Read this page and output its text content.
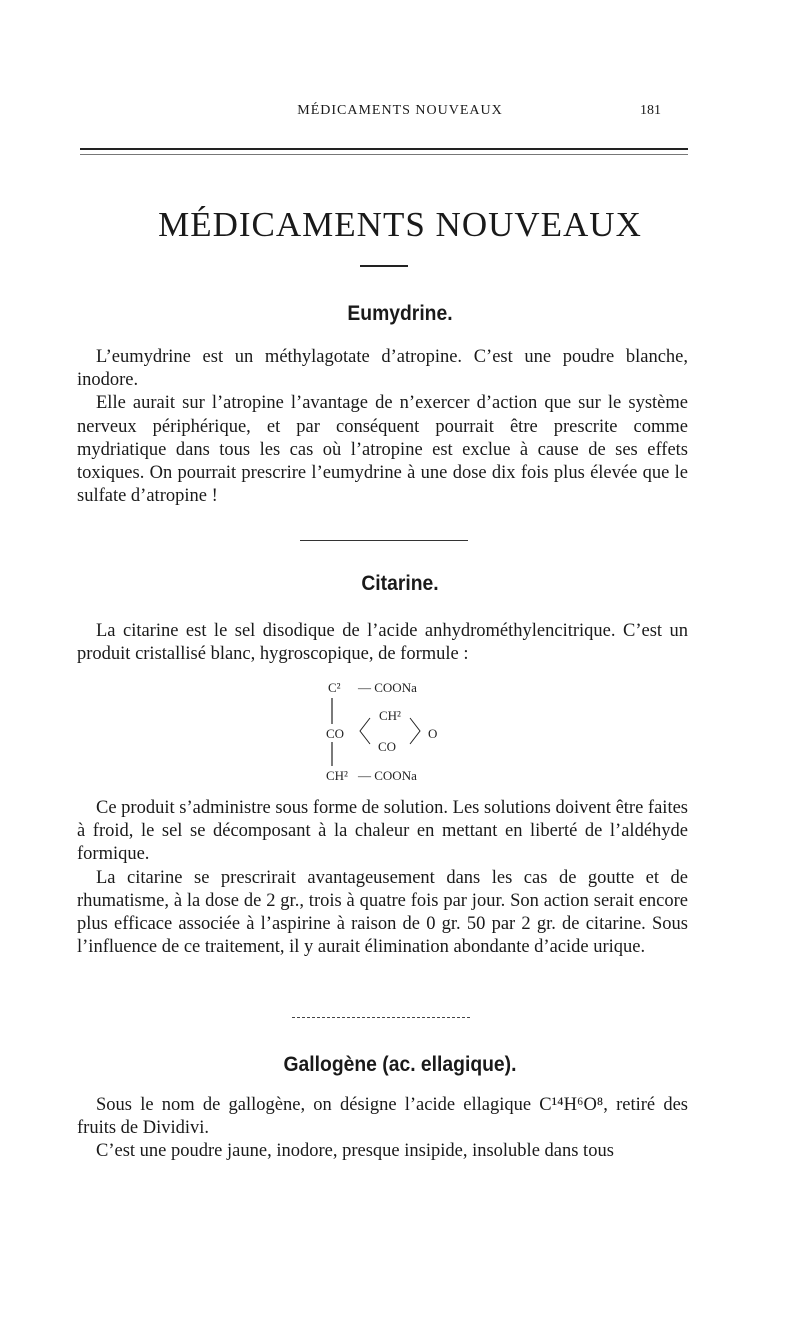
MÉDICAMENTS NOUVEAUX	181
MÉDICAMENTS NOUVEAUX
Eumydrine.

L’eumydrine est un méthylagotate d’atropine. C’est une poudre blanche, inodore.

Elle aurait sur l’atropine l’avantage de n’exercer d’action que sur le système nerveux périphérique, et par conséquent pourrait être prescrite comme mydriatique dans tous les cas où l’atropine est exclue à cause de ses effets toxiques. On pourrait prescrire l’eumydrine à une dose dix fois plus élevée que le sulfate d’atropine !

Citarine.

La citarine est le sel disodique de l’acide anhydrométhylencitrique. C’est un produit cristallisé blanc, hygroscopique, de formule :

C² — COONa
CH²
CO
CO
O
CH² — COONa

Ce produit s’administre sous forme de solution. Les solutions doivent être faites à froid, le sel se décomposant à la chaleur en mettant en liberté de l’aldéhyde formique.

La citarine se prescrirait avantageusement dans les cas de goutte et de rhumatisme, à la dose de 2 gr., trois à quatre fois par jour. Son action serait encore plus efficace associée à l’aspirine à raison de 0 gr. 50 par 2 gr. de citarine. Sous l’influence de ce traitement, il y aurait élimination abondante d’acide urique.

Gallogène (ac. ellagique).

Sous le nom de gallogène, on désigne l’acide ellagique C¹⁴H⁶O⁸, retiré des fruits de Dividivi.

C’est une poudre jaune, inodore, presque insipide, insoluble dans tous
